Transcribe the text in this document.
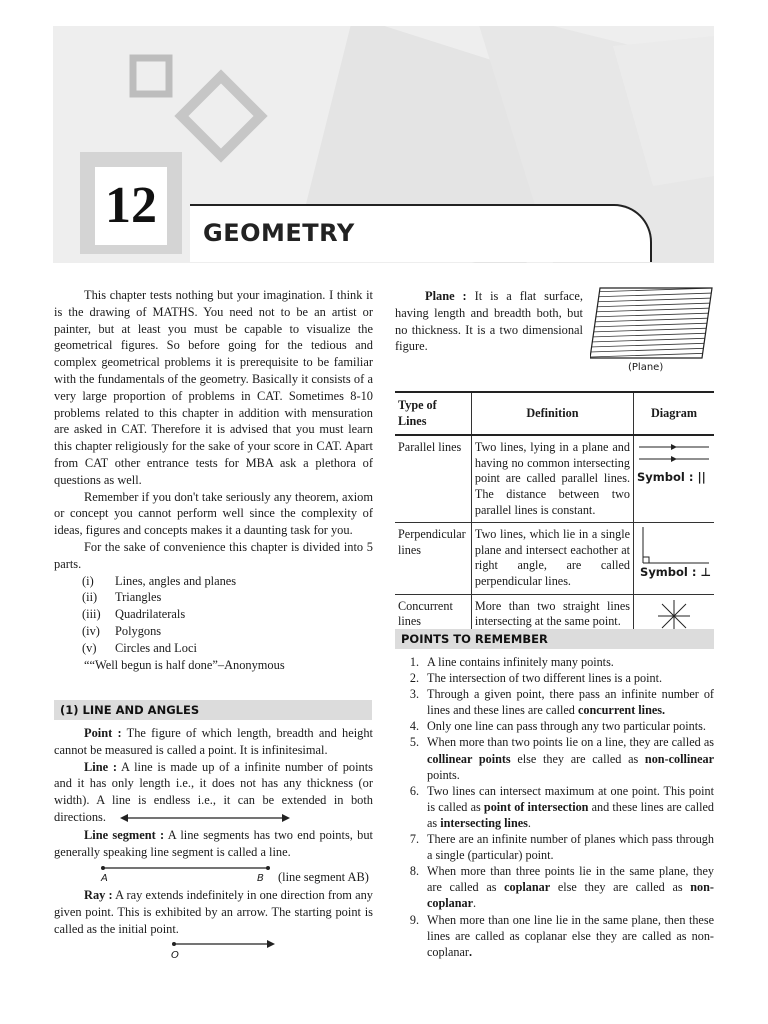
12	GEOMETRY

This chapter tests nothing but your imagination. I think it is the drawing of MATHS. You need not to be an artist or painter, but at least you must be capable to visualize the geometrical figures. So before going for the tedious and complex geometrical problems it is prerequisite to be familiar with the fundamentals of the geometry. Basically it consists of a very large proportion of problems in CAT. Sometimes 8-10 problems related to this chapter in addition with mensuration are asked in CAT. Therefore it is advised that you must learn this chapter religiously for the sake of your score in CAT. Apart from CAT other entrance tests for MBA ask a plethora of questions as well.

Remember if you don't take seriously any theorem, axiom or concept you cannot perform well since the complexity of ideas, figures and concepts makes it a daunting task for you.

For the sake of convenience this chapter is divided into 5 parts.

(i)	Lines, angles and planes
(ii)	Triangles
(iii)	Quadrilaterals
(iv)	Polygons
(v)	Circles and Loci

““Well begun is half done”–Anonymous

(1) LINE AND ANGLES

Point : The figure of which length, breadth and height cannot be measured is called a point. It is infinitesimal.

Line : A line is made up of a infinite number of points and it has only length i.e., it does not has any thickness (or width). A line is endless i.e., it can be extended in both directions.

Line segment : A line segments has two end points, but generally speaking line segment is called a line.

A	B (line segment AB)

Ray : A ray extends indefinitely in one direction from any given point. This is exhibited by an arrow. The starting point is called as the initial point.

O

Plane : It is a flat surface, having length and breadth both, but no thickness. It is a two dimensional figure.

(Plane)
Type of Lines	Definition	Diagram
Parallel lines	Two lines, lying in a plane and having no common intersecting point are called parallel lines. The distance between two parallel lines is constant.	Symbol : ||

Perpendicular lines	Two lines, which lie in a single plane and intersect eachother at right angle, are called perpendicular lines.	Symbol : ⊥

Concurrent lines	More than two straight lines intersecting at the same point.	
POINTS TO REMEMBER
1. A line contains infinitely many points.
2. The intersection of two different lines is a point.
3. Through a given point, there pass an infinite number of lines and these lines are called concurrent lines.
4. Only one line can pass through any two particular points.
5. When more than two points lie on a line, they are called as collinear points else they are called as non-collinear points.
6. Two lines can intersect maximum at one point. This point is called as point of intersection and these lines are called as intersecting lines.
7. There are an infinite number of planes which pass through a single (particular) point.
8. When more than three points lie in the same plane, they are called as coplanar else they are called as non-coplanar.
9. When more than one line lie in the same plane, then these lines are called as coplanar else they are called as non-coplanar.
